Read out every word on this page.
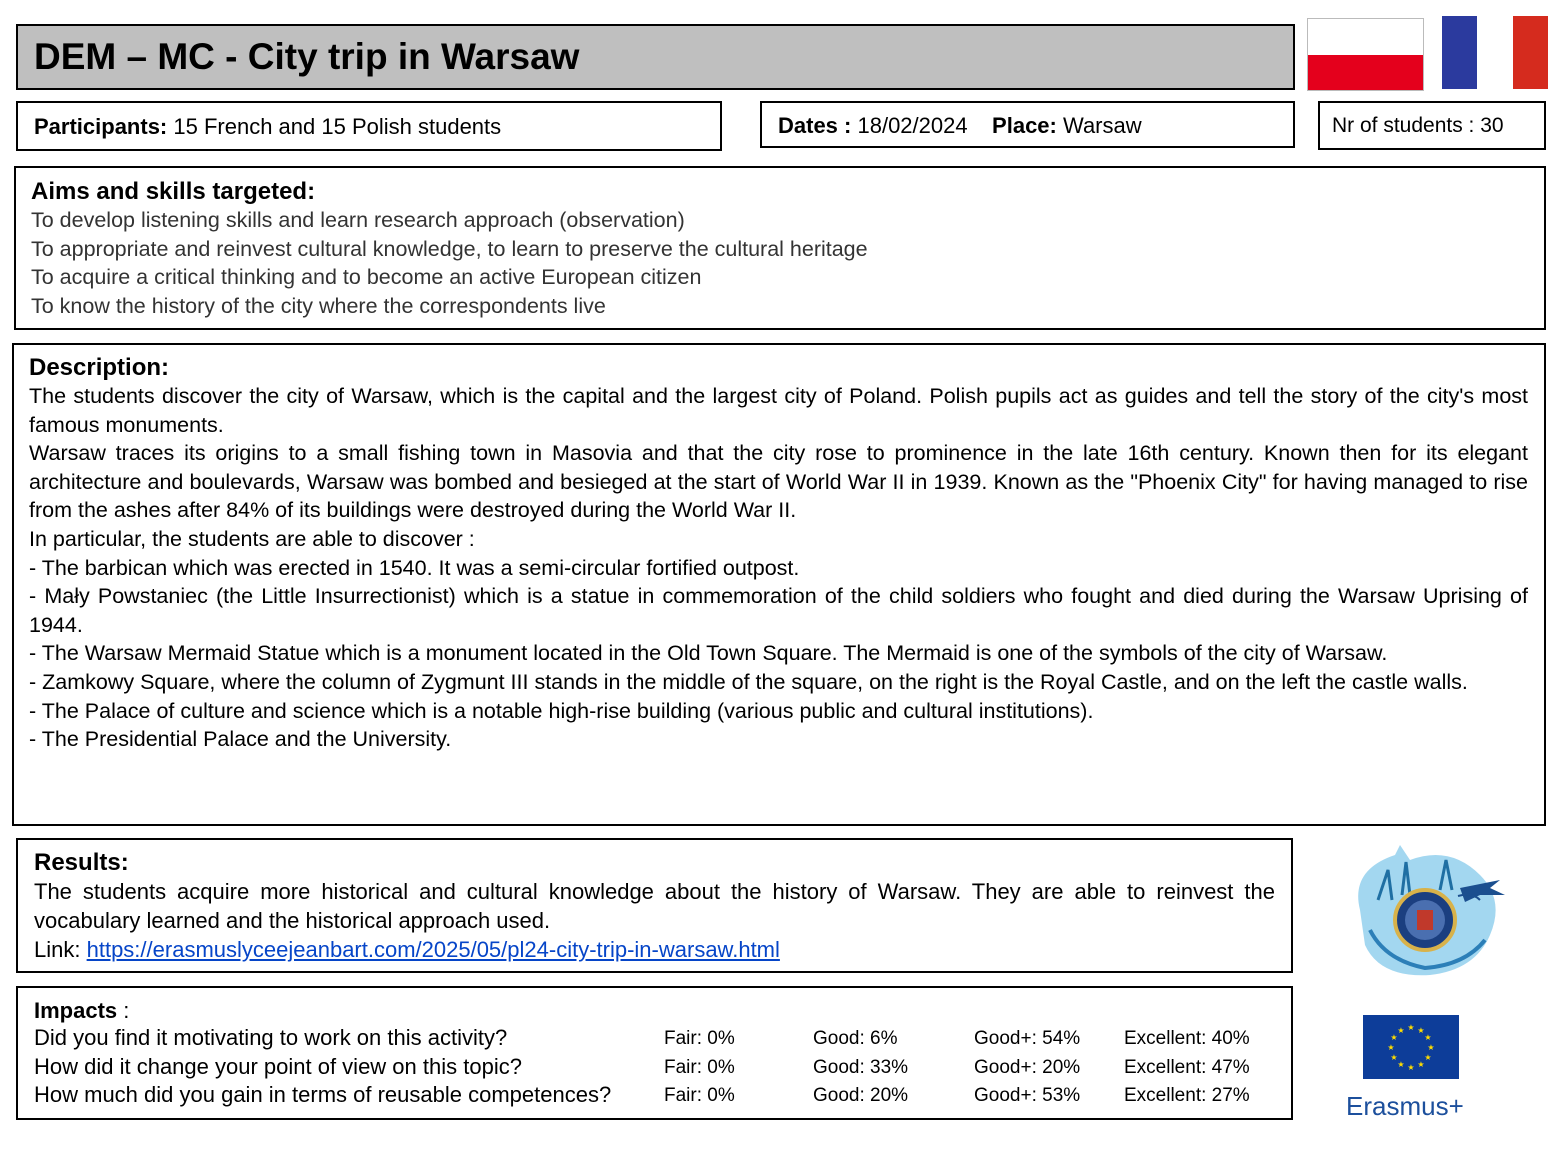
DEM – MC - City trip in Warsaw
Participants: 15 French and 15 Polish students	Dates : 18/02/2024 Place: Warsaw	Nr of students : 30
Aims and skills targeted:
To develop listening skills and learn research approach (observation)
To appropriate and reinvest cultural knowledge, to learn to preserve the cultural heritage
To acquire a critical thinking and to become an active European citizen
To know the history of the city where the correspondents live
Description:

The students discover the city of Warsaw, which is the capital and the largest city of Poland. Polish pupils act as guides and tell the story of the city's most famous monuments.

Warsaw traces its origins to a small fishing town in Masovia and that the city rose to prominence in the late 16th century. Known then for its elegant architecture and boulevards, Warsaw was bombed and besieged at the start of World War II in 1939. Known as the "Phoenix City" for having managed to rise from the ashes after 84% of its buildings were destroyed during the World War II.

In particular, the students are able to discover :

- The barbican which was erected in 1540. It was a semi-circular fortified outpost.

- Mały Powstaniec (the Little Insurrectionist) which is a statue in commemoration of the child soldiers who fought and died during the Warsaw Uprising of 1944.

- The Warsaw Mermaid Statue which is a monument located in the Old Town Square. The Mermaid is one of the symbols of the city of Warsaw.

- Zamkowy Square, where the column of Zygmunt III stands in the middle of the square, on the right is the Royal Castle, and on the left the castle walls.

- The Palace of culture and science which is a notable high-rise building (various public and cultural institutions).

- The Presidential Palace and the University.

Results:

The students acquire more historical and cultural knowledge about the history of Warsaw. They are able to reinvest the vocabulary learned and the historical approach used.

Link: https://erasmuslyceejeanbart.com/2025/05/pl24-city-trip-in-warsaw.html

Impacts :
Did you find it motivating to work on this activity?	Fair: 0%	Good: 6%	Good+: 54% Excellent: 40%
How did it change your point of view on this topic?	Fair: 0%	Good: 33%	Good+: 20% Excellent: 47%
How much did you gain in terms of reusable competences?	Fair: 0%	Good: 20%	Good+: 53% Excellent: 27%
★ ★
★
★
★
★
★
★
★
★
★
★
Erasmus+
